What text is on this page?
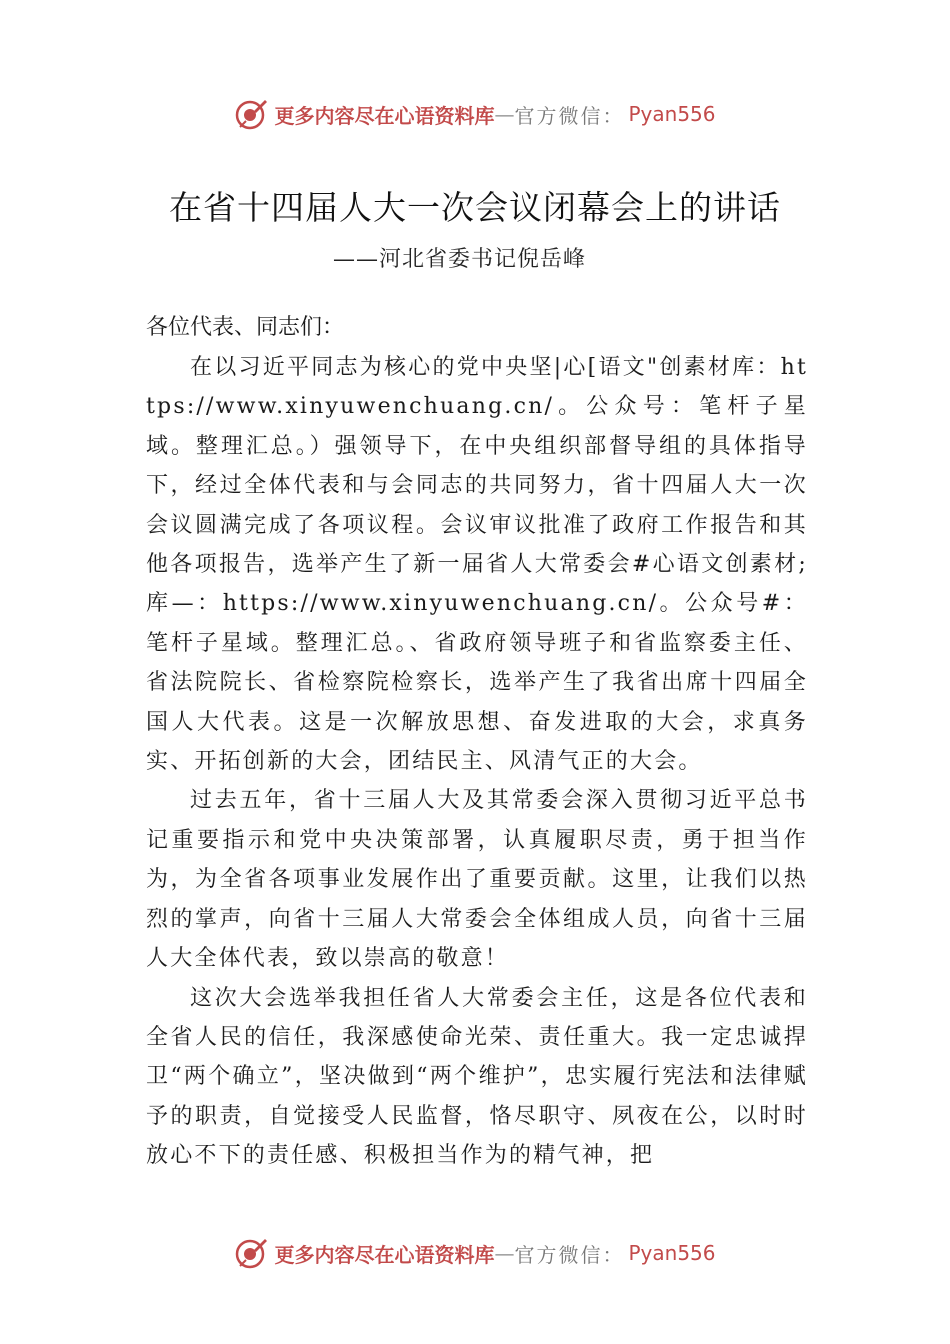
更多内容尽在心语资料库 — 官方微信： Pyan556
在省十四届人大一次会议闭幕会上的讲话

——河北省委书记倪岳峰

各位代表、同志们：

在以习近平同志为核心的党中央坚|心[语文"创素材库：https://www.xinyuwenchuang.cn/。公众号：笔杆子星域。整理汇总。）强领导下，在中央组织部督导组的具体指导下，经过全体代表和与会同志的共同努力，省十四届人大一次会议圆满完成了各项议程。会议审议批准了政府工作报告和其他各项报告，选举产生了新一届省人大常委会#心语文创素材;库—：https://www.xinyuwenchuang.cn/。公众号#：笔杆子星域。整理汇总。、省政府领导班子和省监察委主任、省法院院长、省检察院检察长，选举产生了我省出席十四届全国人大代表。这是一次解放思想、奋发进取的大会，求真务实、开拓创新的大会，团结民主、风清气正的大会。

过去五年，省十三届人大及其常委会深入贯彻习近平总书记重要指示和党中央决策部署，认真履职尽责，勇于担当作为，为全省各项事业发展作出了重要贡献。这里，让我们以热烈的掌声，向省十三届人大常委会全体组成人员，向省十三届人大全体代表，致以崇高的敬意！

这次大会选举我担任省人大常委会主任，这是各位代表和全省人民的信任，我深感使命光荣、责任重大。我一定忠诚捍卫“两个确立”，坚决做到“两个维护”，忠实履行宪法和法律赋予的职责，自觉接受人民监督，恪尽职守、夙夜在公，以时时放心不下的责任感、积极担当作为的精气神，把

更多内容尽在心语资料库 — 官方微信： Pyan556
